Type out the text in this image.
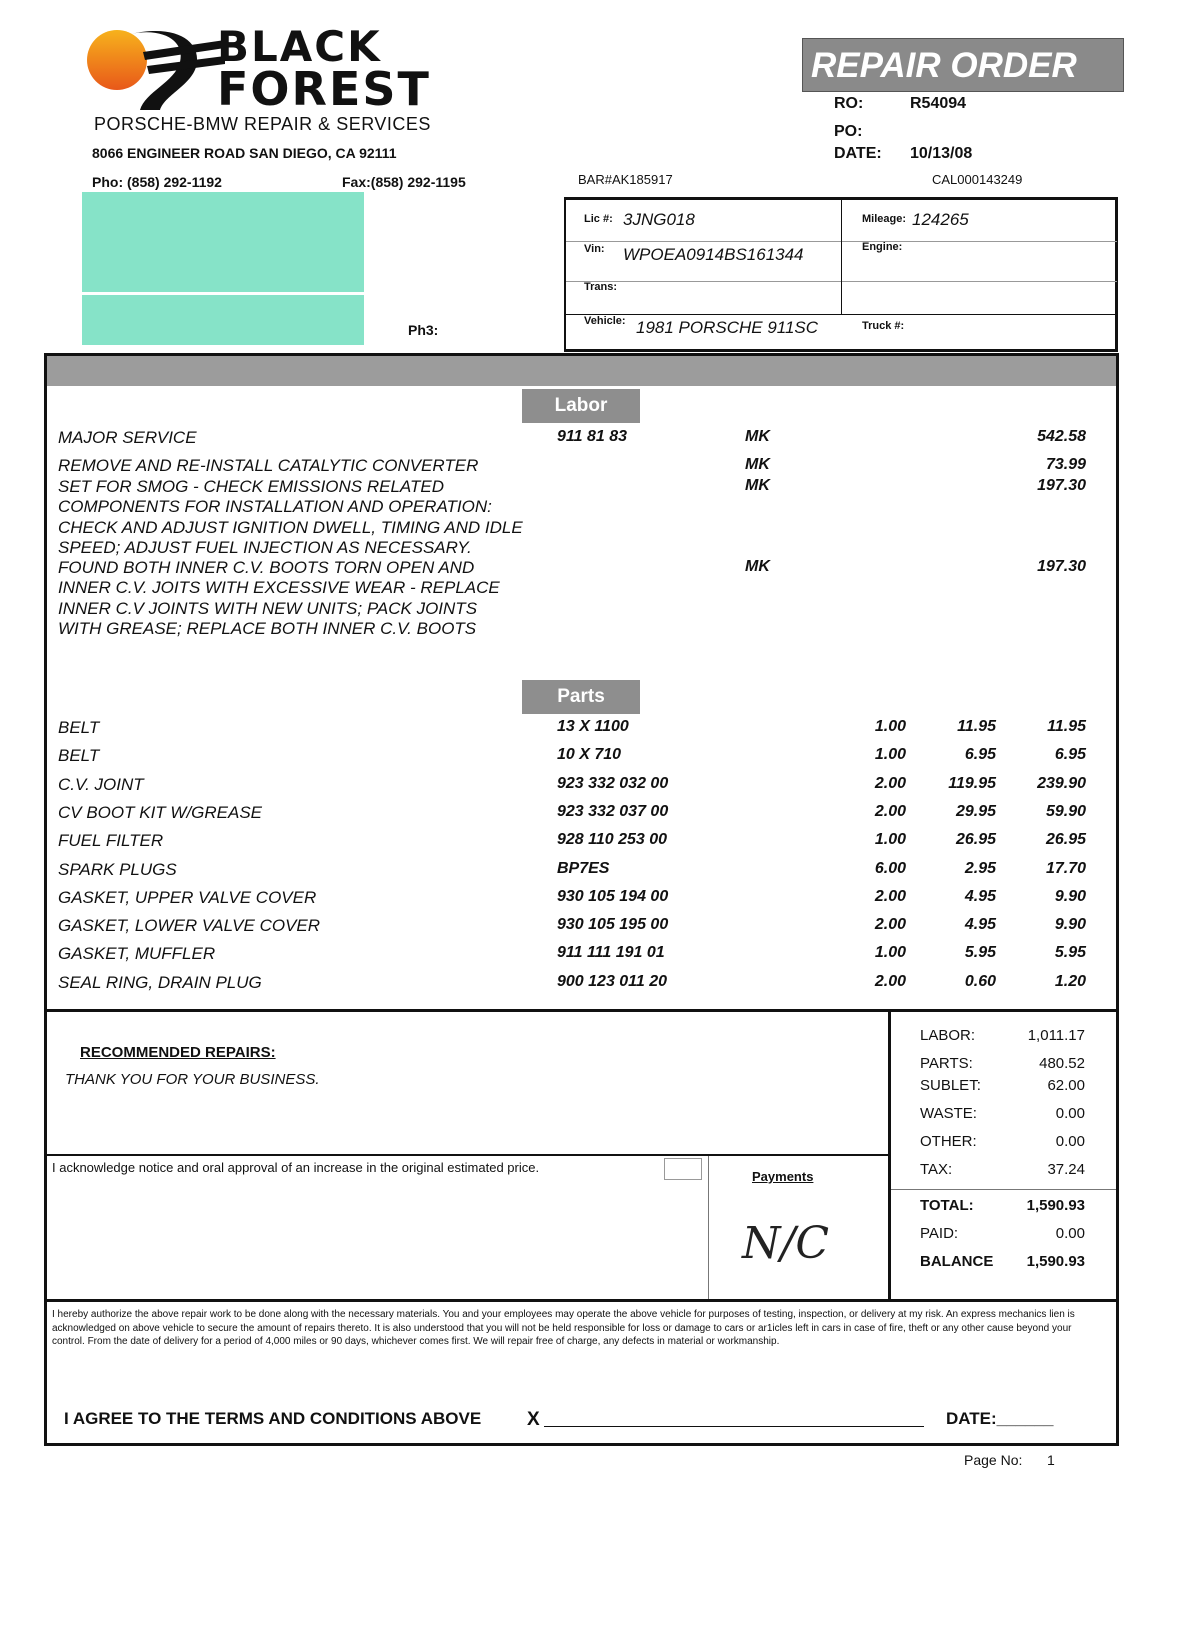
BLACK
FOREST
PORSCHE-BMW REPAIR & SERVICES
8066 ENGINEER ROAD SAN DIEGO, CA 92111
Pho: (858) 292-1192	Fax:(858) 292-1195
REPAIR ORDER
RO:	R54094
PO:
DATE: 10/13/08
BAR#AK185917	CAL000143249
Ph3:
Lic #: 3JNG018	Mileage: 124265
Vin: WPOEA0914BS161344	Engine:
Trans:
Vehicle: 1981 PORSCHE 911SC	Truck #:
Labor
MAJOR SERVICE	911 81 83	MK	542.58
REMOVE AND RE-INSTALL CATALYTIC CONVERTER	MK	73.99
SET FOR SMOG - CHECK EMISSIONS RELATED
COMPONENTS FOR INSTALLATION AND OPERATION:
CHECK AND ADJUST IGNITION DWELL, TIMING AND IDLE
SPEED; ADJUST FUEL INJECTION AS NECESSARY.
MK	197.30
FOUND BOTH INNER C.V. BOOTS TORN OPEN AND
INNER C.V. JOITS WITH EXCESSIVE WEAR - REPLACE
INNER C.V JOINTS WITH NEW UNITS; PACK JOINTS
WITH GREASE; REPLACE BOTH INNER C.V. BOOTS
MK	197.30
Parts
BELT	13 X 1100	1.00	11.95	11.95
BELT	10 X 710	1.00	6.95	6.95
C.V. JOINT	923 332 032 00	2.00	119.95	239.90
CV BOOT KIT W/GREASE	923 332 037 00	2.00	29.95	59.90
FUEL FILTER	928 110 253 00	1.00	26.95	26.95
SPARK PLUGS	BP7ES	6.00	2.95	17.70
GASKET, UPPER VALVE COVER	930 105 194 00	2.00	4.95	9.90
GASKET, LOWER VALVE COVER	930 105 195 00	2.00	4.95	9.90
GASKET, MUFFLER	911 111 191 01	1.00	5.95	5.95
SEAL RING, DRAIN PLUG	900 123 011 20	2.00	0.60	1.20
RECOMMENDED REPAIRS:
THANK YOU FOR YOUR BUSINESS.
I acknowledge notice and oral approval of an increase in the original estimated price.
Payments
N/C
LABOR:	1,011.17
PARTS:	480.52
SUBLET:	62.00
WASTE:	0.00
OTHER:	0.00
TAX:	37.24
TOTAL:	1,590.93
PAID:	0.00
BALANCE	1,590.93
I hereby authorize the above repair work to be done along with the necessary materials. You and your employees may operate the above vehicle for purposes of testing, inspection, or delivery at my risk. An express mechanics lien is acknowledged on above vehicle to secure the amount of repairs thereto. It is also understood that you will not be held responsible for loss or damage to cars or ar1icles left in cars in case of fire, theft or any other cause beyond your control. From the date of delivery for a period of 4,000 miles or 90 days, whichever comes first. We will repair free of charge, any defects in material or workmanship.
I AGREE TO THE TERMS AND CONDITIONS ABOVE X	DATE:______
Page No: 1
